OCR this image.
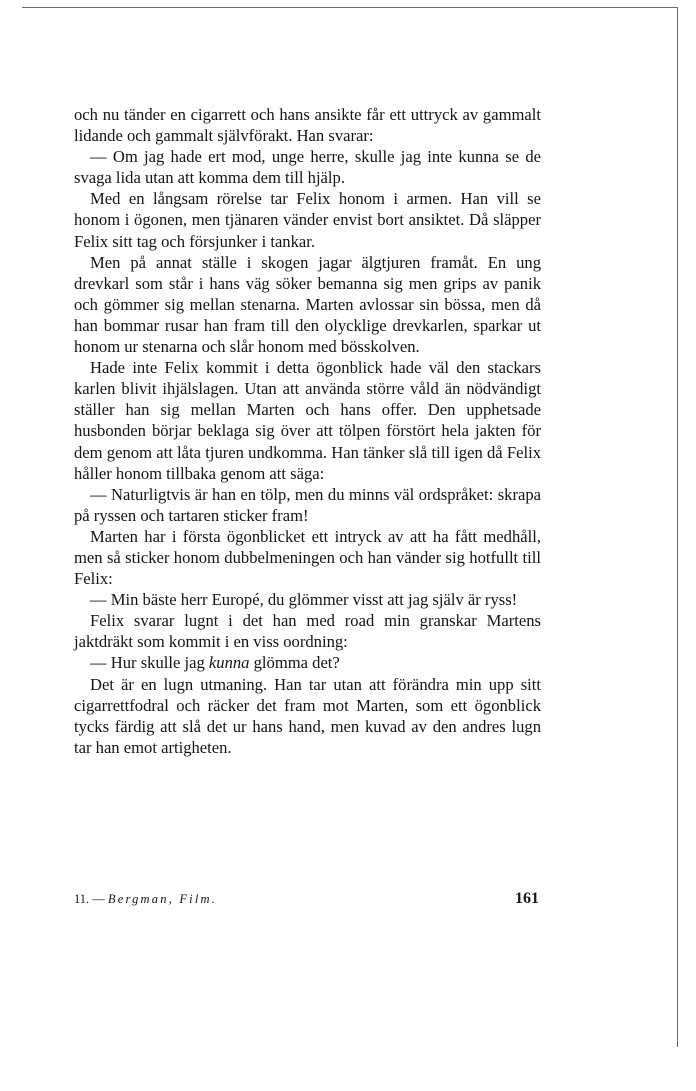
och nu tänder en cigarrett och hans ansikte får ett uttryck av gammalt lidande och gammalt självförakt. Han svarar:

— Om jag hade ert mod, unge herre, skulle jag inte kunna se de svaga lida utan att komma dem till hjälp.

Med en långsam rörelse tar Felix honom i armen. Han vill se honom i ögonen, men tjänaren vänder envist bort ansiktet. Då släpper Felix sitt tag och försjunker i tankar.

Men på annat ställe i skogen jagar älgtjuren framåt. En ung drevkarl som står i hans väg söker bemanna sig men grips av panik och gömmer sig mellan stenarna. Marten avlossar sin bössa, men då han bommar rusar han fram till den olycklige drevkarlen, sparkar ut honom ur stenarna och slår honom med bösskolven.

Hade inte Felix kommit i detta ögonblick hade väl den stackars karlen blivit ihjälslagen. Utan att använda större våld än nödvändigt ställer han sig mellan Marten och hans offer. Den upphetsade husbonden börjar beklaga sig över att tölpen förstört hela jakten för dem genom att låta tjuren undkomma. Han tänker slå till igen då Felix håller honom tillbaka genom att säga:

— Naturligtvis är han en tölp, men du minns väl ordspråket: skrapa på ryssen och tartaren sticker fram!

Marten har i första ögonblicket ett intryck av att ha fått medhåll, men så sticker honom dubbelmeningen och han vänder sig hotfullt till Felix:

— Min bäste herr Europé, du glömmer visst att jag själv är ryss!

Felix svarar lugnt i det han med road min granskar Martens jaktdräkt som kommit i en viss oordning:

— Hur skulle jag kunna glömma det?

Det är en lugn utmaning. Han tar utan att förändra min upp sitt cigarrettfodral och räcker det fram mot Marten, som ett ögonblick tycks färdig att slå det ur hans hand, men kuvad av den andres lugn tar han emot artigheten.

11. — Bergman, Film.	161
